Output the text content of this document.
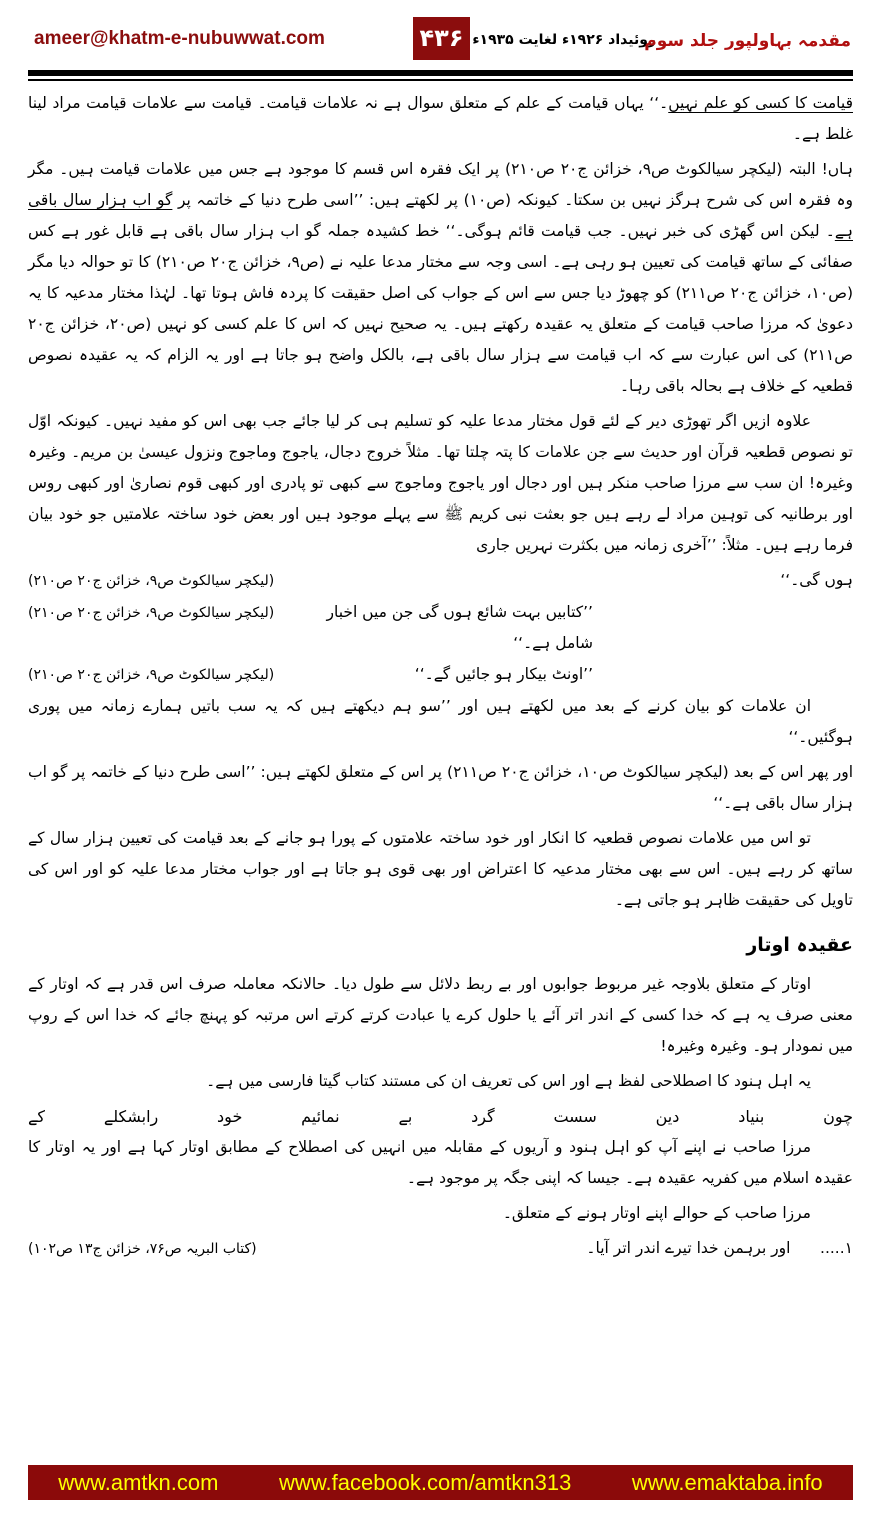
ameer@khatm-e-nubuwwat.com	۴۳۶ روئیداد ۱۹۲۶ء لغایت ۱۹۳۵ء
مقدمہ بہاولپور جلد سوم
قیامت کا کسی کو علم نہیں۔‘‘ یہاں قیامت کے علم کے متعلق سوال ہے نہ علامات قیامت۔ قیامت سے علامات قیامت مراد لینا غلط ہے۔
ہاں! البتہ (لیکچر سیالکوٹ ص۹، خزائن ج۲۰ ص۲۱۰) پر ایک فقرہ اس قسم کا موجود ہے جس میں علامات قیامت ہیں۔ مگر وہ فقرہ اس کی شرح ہرگز نہیں بن سکتا۔ کیونکہ (ص۱۰) پر لکھتے ہیں: ’’اسی طرح دنیا کے خاتمہ پر گو اب ہزار سال باقی ہے۔ لیکن اس گھڑی کی خبر نہیں۔ جب قیامت قائم ہوگی۔‘‘ خط کشیدہ جملہ گو اب ہزار سال باقی ہے قابل غور ہے کس صفائی کے ساتھ قیامت کی تعیین ہو رہی ہے۔ اسی وجہ سے مختار مدعا علیہ نے (ص۹، خزائن ج۲۰ ص۲۱۰) کا تو حوالہ دیا مگر (ص۱۰، خزائن ج۲۰ ص۲۱۱) کو چھوڑ دیا جس سے اس کے جواب کی اصل حقیقت کا پردہ فاش ہوتا تھا۔ لہٰذا مختار مدعیہ کا یہ دعویٰ کہ مرزا صاحب قیامت کے متعلق یہ عقیدہ رکھتے ہیں۔ یہ صحیح نہیں کہ اس کا علم کسی کو نہیں (ص۲۰، خزائن ج۲۰ ص۲۱۱) کی اس عبارت سے کہ اب قیامت سے ہزار سال باقی ہے، بالکل واضح ہو جاتا ہے اور یہ الزام کہ یہ عقیدہ نصوص قطعیہ کے خلاف ہے بحالہ باقی رہا۔
علاوہ ازیں اگر تھوڑی دیر کے لئے قول مختار مدعا علیہ کو تسلیم ہی کر لیا جائے جب بھی اس کو مفید نہیں۔ کیونکہ اوّل تو نصوص قطعیہ قرآن اور حدیث سے جن علامات کا پتہ چلتا تھا۔ مثلاً خروج دجال، یاجوج وماجوج ونزول عیسیٰ بن مریم۔ وغیرہ وغیرہ! ان سب سے مرزا صاحب منکر ہیں اور دجال اور یاجوج وماجوج سے کبھی تو پادری اور کبھی قوم نصاریٰ اور کبھی روس اور برطانیہ کی توہین مراد لے رہے ہیں جو بعثت نبی کریم ﷺ سے پہلے موجود ہیں اور بعض خود ساختہ علامتیں جو خود بیان فرما رہے ہیں۔ مثلاً: ’’آخری زمانہ میں بکثرت نہریں جاری
ہوں گی۔‘‘
(لیکچر سیالکوٹ ص۹، خزائن ج۲۰ ص۲۱۰)
’’کتابیں بہت شائع ہوں گی جن میں اخبار شامل ہے۔‘‘
(لیکچر سیالکوٹ ص۹، خزائن ج۲۰ ص۲۱۰)
’’اونٹ بیکار ہو جائیں گے۔‘‘
(لیکچر سیالکوٹ ص۹، خزائن ج۲۰ ص۲۱۰)
ان علامات کو بیان کرنے کے بعد میں لکھتے ہیں اور ’’سو ہم دیکھتے ہیں کہ یہ سب باتیں ہمارے زمانہ میں پوری ہوگئیں۔‘‘
اور پھر اس کے بعد (لیکچر سیالکوٹ ص۱۰، خزائن ج۲۰ ص۲۱۱) پر اس کے متعلق لکھتے ہیں: ’’اسی طرح دنیا کے خاتمہ پر گو اب ہزار سال باقی ہے۔‘‘
تو اس میں علامات نصوص قطعیہ کا انکار اور خود ساختہ علامتوں کے پورا ہو جانے کے بعد قیامت کی تعیین ہزار سال کے ساتھ کر رہے ہیں۔ اس سے بھی مختار مدعیہ کا اعتراض اور بھی قوی ہو جاتا ہے اور جواب مختار مدعا علیہ کو اور اس کی تاویل کی حقیقت ظاہر ہو جاتی ہے۔
عقیدہ اوتار
اوتار کے متعلق بلاوجہ غیر مربوط جوابوں اور بے ربط دلائل سے طول دیا۔ حالانکہ معاملہ صرف اس قدر ہے کہ اوتار کے معنی صرف یہ ہے کہ خدا کسی کے اندر اتر آئے یا حلول کرے یا عبادت کرتے کرتے اس مرتبہ کو پہنچ جائے کہ خدا اس کے روپ میں نمودار ہو۔ وغیرہ وغیرہ!
یہ اہل ہنود کا اصطلاحی لفظ ہے اور اس کی تعریف ان کی مستند کتاب گیتا فارسی میں ہے۔
چون
بنیاد
دین
سست
گرد
بے
نمائیم
خود
رابشکلے
کے
مرزا صاحب نے اپنے آپ کو اہل ہنود و آریوں کے مقابلہ میں انہیں کی اصطلاح کے مطابق اوتار کہا ہے اور یہ اوتار کا عقیدہ اسلام میں کفریہ عقیدہ ہے۔ جیسا کہ اپنی جگہ پر موجود ہے۔
مرزا صاحب کے حوالے اپنے اوتار ہونے کے متعلق۔
۱.....      اور برہمن خدا تیرے اندر اتر آیا۔
(کتاب البریہ ص۷۶، خزائن ج۱۳ ص۱۰۲)
www.amtkn.com	www.facebook.com/amtkn313	www.emaktaba.info
